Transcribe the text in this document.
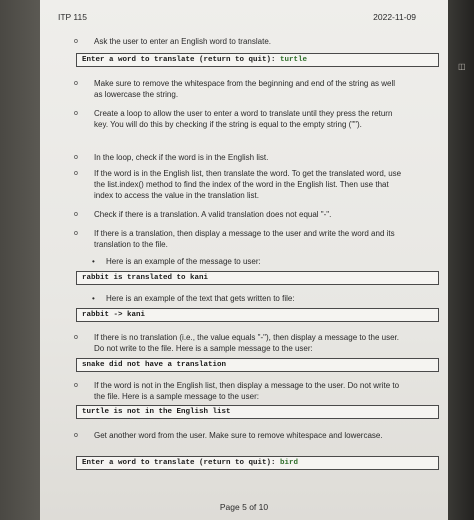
◫
ITP 115	2022-11-09
o	Ask the user to enter an English word to translate.
Enter a word to translate (return to quit): turtle
o	Make sure to remove the whitespace from the beginning and end of the string as well as lowercase the string.
o	Create a loop to allow the user to enter a word to translate until they press the return key. You will do this by checking if the string is equal to the empty string ("").
o	In the loop, check if the word is in the English list.
o	If the word is in the English list, then translate the word. To get the translated word, use the list.index() method to find the index of the word in the English list. Then use that index to access the value in the translation list.
o	Check if there is a translation. A valid translation does not equal "-".
o	If there is a translation, then display a message to the user and write the word and its translation to the file.
• Here is an example of the message to user:
rabbit is translated to kani
• Here is an example of the text that gets written to file:
rabbit -> kani
o	If there is no translation (i.e., the value equals "-"), then display a message to the user. Do not write to the file. Here is a sample message to the user:
snake did not have a translation
o	If the word is not in the English list, then display a message to the user. Do not write to the file. Here is a sample message to the user:
turtle is not in the English list
o	Get another word from the user. Make sure to remove whitespace and lowercase.
Enter a word to translate (return to quit): bird
Page 5 of 10
